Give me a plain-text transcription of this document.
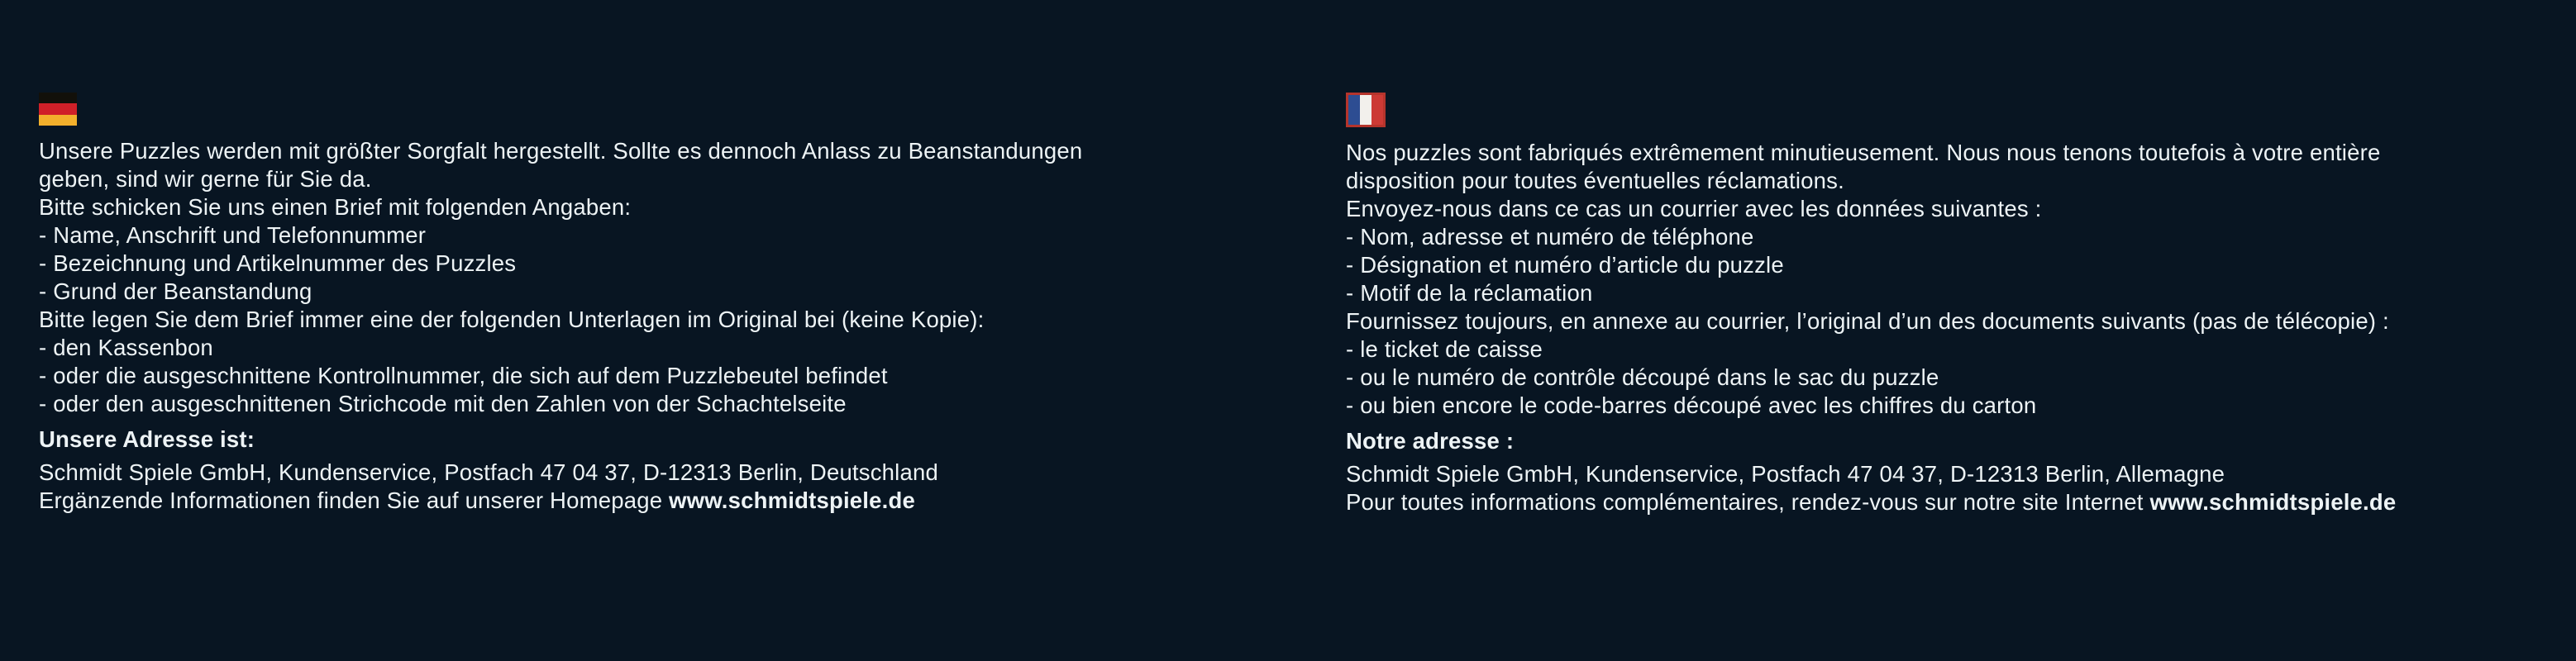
Unsere Puzzles werden mit größter Sorgfalt hergestellt. Sollte es dennoch Anlass zu Beanstandungen
geben, sind wir gerne für Sie da.
Bitte schicken Sie uns einen Brief mit folgenden Angaben:
- Name, Anschrift und Telefonnummer
- Bezeichnung und Artikelnummer des Puzzles
- Grund der Beanstandung
Bitte legen Sie dem Brief immer eine der folgenden Unterlagen im Original bei (keine Kopie):
- den Kassenbon
- oder die ausgeschnittene Kontrollnummer, die sich auf dem Puzzlebeutel befindet
- oder den ausgeschnittenen Strichcode mit den Zahlen von der Schachtelseite
Unsere Adresse ist:
Schmidt Spiele GmbH, Kundenservice, Postfach 47 04 37, D-12313 Berlin, Deutschland
Ergänzende Informationen finden Sie auf unserer Homepage www.schmidtspiele.de
Nos puzzles sont fabriqués extrêmement minutieusement. Nous nous tenons toutefois à votre entière
disposition pour toutes éventuelles réclamations.
Envoyez-nous dans ce cas un courrier avec les données suivantes :
- Nom, adresse et numéro de téléphone
- Désignation et numéro d’article du puzzle
- Motif de la réclamation
Fournissez toujours, en annexe au courrier, l’original d’un des documents suivants (pas de télécopie) :
- le ticket de caisse
- ou le numéro de contrôle découpé dans le sac du puzzle
- ou bien encore le code-barres découpé avec les chiffres du carton
Notre adresse :
Schmidt Spiele GmbH, Kundenservice, Postfach 47 04 37, D-12313 Berlin, Allemagne
Pour toutes informations complémentaires, rendez-vous sur notre site Internet www.schmidtspiele.de
